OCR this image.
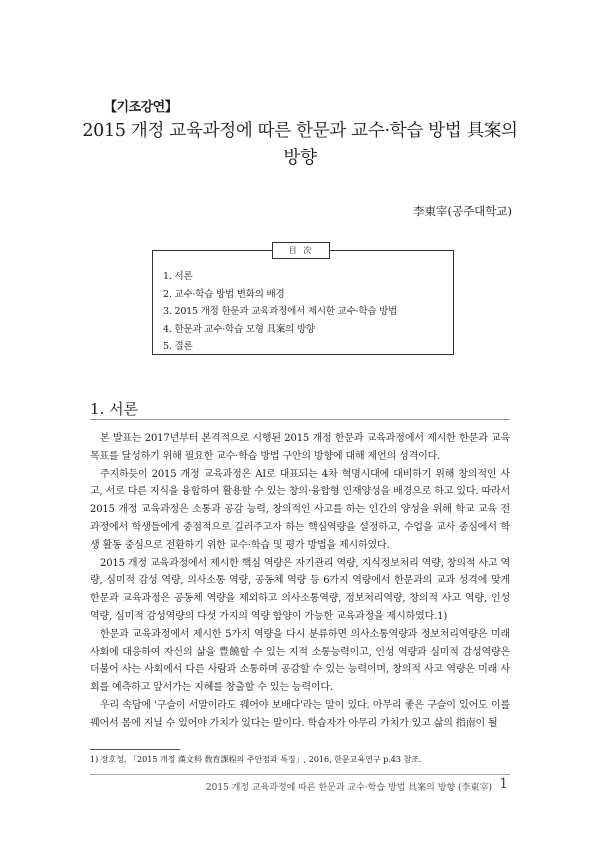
【기조강연】
2015 개정 교육과정에 따른 한문과 교수·학습 방법 具案의
방향
李東宰(공주대학교)
目 次
1. 서론
2. 교수·학습 방법 변화의 배경
3. 2015 개정 한문과 교육과정에서 제시한 교수·학습 방법
4. 한문과 교수·학습 모형 具案의 방향
5. 결론
1. 서론

본 발표는 2017년부터 본격적으로 시행된 2015 개정 한문과 교육과정에서 제시한 한문과 교육목표를 달성하기 위해 필요한 교수·학습 방법 구안의 방향에 대해 제언의 성격이다.

주지하듯이 2015 개정 교육과정은 AI로 대표되는 4차 혁명시대에 대비하기 위해 창의적인 사고, 서로 다른 지식을 융합하여 활용할 수 있는 창의·융합형 인재양성을 배경으로 하고 있다. 따라서 2015 개정 교육과정은 소통과 공감 능력, 창의적인 사고를 하는 인간의 양성을 위해 학교 교육 전 과정에서 학생들에게 중점적으로 길러주고자 하는 핵심역량을 설정하고, 수업을 교사 중심에서 학생 활동 중심으로 전환하기 위한 교수·학습 및 평가 방법을 제시하였다.

2015 개정 교육과정에서 제시한 핵심 역량은 자기관리 역량, 지식정보처리 역량, 창의적 사고 역량, 심미적 감성 역량, 의사소통 역량, 공동체 역량 등 6가지 역량에서 한문과의 교과 성격에 맞게 한문과 교육과정은 공동체 역량을 제외하고 의사소통역량, 정보처리역량, 창의적 사고 역량, 인성 역량, 심미적 감성역량의 다섯 가지의 역량 함양이 가능한 교육과정을 제시하였다.1)

한문과 교육과정에서 제시한 5가지 역량을 다시 분류하면 의사소통역량과 정보처리역량은 미래사회에 대응하여 자신의 삶을 豊饒할 수 있는 지적 소통능력이고, 인성 역량과 심미적 감성역량은 더불어 사는 사회에서 다른 사람과 소통하며 공감할 수 있는 능력이며, 창의적 사고 역량은 미래 사회를 예측하고 앞서가는 지혜를 창출할 수 있는 능력이다.

우리 속담에 '구슬이 서말이라도 꿰어야 보배다'라는 말이 있다. 아무리 좋은 구슬이 있어도 이를 꿰어서 몸에 지닐 수 있어야 가치가 있다는 말이다. 학습자가 아무리 가치가 있고 삶의 指南이 될

1) 장호성, 「2015 개정 漢文科 敎育課程의 주안점과 특징」, 2016, 한문교육연구 p.43 참조.
2015 개정 교육과정에 따른 한문과 교수·학습 방법 具案의 방향 (李東宰) 1
